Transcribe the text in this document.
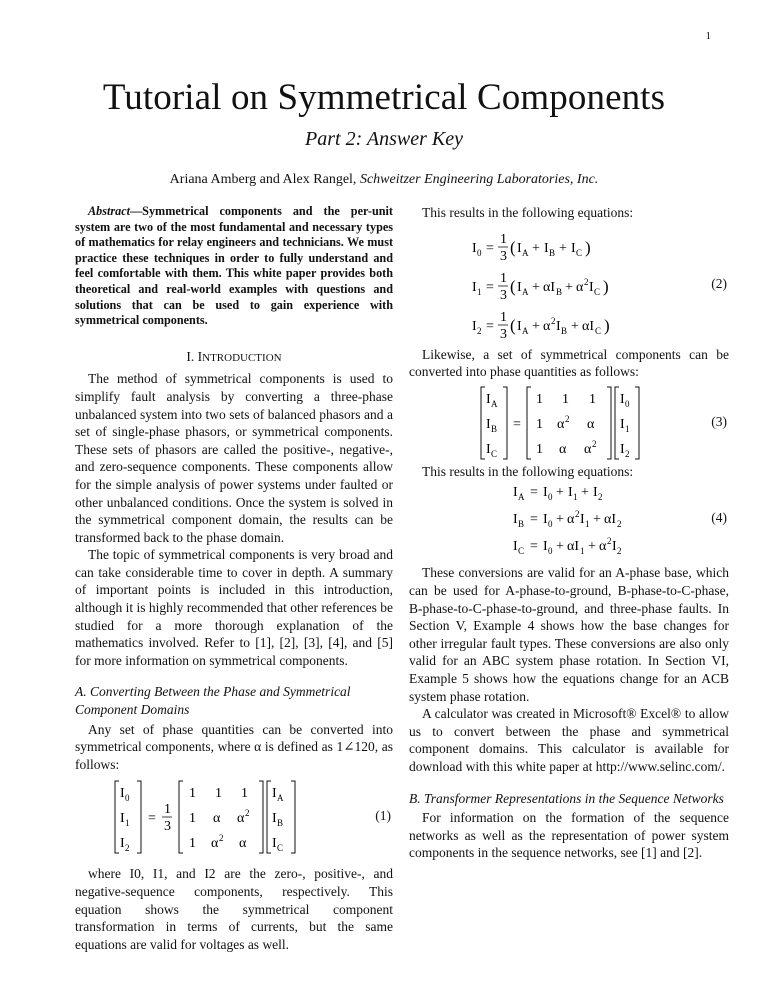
1
Tutorial on Symmetrical Components
Part 2: Answer Key
Ariana Amberg and Alex Rangel, Schweitzer Engineering Laboratories, Inc.

Abstract—Symmetrical components and the per-unit system are two of the most fundamental and necessary types of mathematics for relay engineers and technicians. We must practice these techniques in order to fully understand and feel comfortable with them. This white paper provides both theoretical and real-world examples with questions and solutions that can be used to gain experience with symmetrical components.

I. INTRODUCTION

The method of symmetrical components is used to simplify fault analysis by converting a three-phase unbalanced system into two sets of balanced phasors and a set of single-phase phasors, or symmetrical components. These sets of phasors are called the positive-, negative-, and zero-sequence components. These components allow for the simple analysis of power systems under faulted or other unbalanced conditions. Once the system is solved in the symmetrical component domain, the results can be transformed back to the phase domain.

The topic of symmetrical components is very broad and can take considerable time to cover in depth. A summary of important points is included in this introduction, although it is highly recommended that other references be studied for a more thorough explanation of the mathematics involved. Refer to [1], [2], [3], [4], and [5] for more information on symmetrical components.

A. Converting Between the Phase and Symmetrical Component Domains

Any set of phase quantities can be converted into symmetrical components, where α is defined as 1∠120, as follows:

I 0
I 1
I 2
=
1
3
1 1 1
1 α α 2
1 α 2 α
I A
I B
I C
(1)

where I0, I1, and I2 are the zero-, positive-, and negative-sequence components, respectively. This equation shows the symmetrical component transformation in terms of currents, but the same equations are valid for voltages as well.

This results in the following equations:

I 0 =
1
3 ( I A + I B + I C )
I 1 =
1
3 ( I A + αI B + α 2 I C )
I 2 =
1
3 ( I A + α 2 I B + αI C )
(2)

Likewise, a set of symmetrical components can be converted into phase quantities as follows:

I A
I B
I C
=
1 1 1
1 α 2 α
1 α α 2
I 0
I 1
I 2
(3)

This results in the following equations:

I A = I 0 + I 1 + I 2
I B = I 0 + α 2 I 1 + αI 2
I C = I 0 + αI 1 + α 2 I 2
(4)

These conversions are valid for an A-phase base, which can be used for A-phase-to-ground, B-phase-to-C-phase, B-phase-to-C-phase-to-ground, and three-phase faults. In Section V, Example 4 shows how the base changes for other irregular fault types. These conversions are also only valid for an ABC system phase rotation. In Section VI, Example 5 shows how the equations change for an ACB system phase rotation.

A calculator was created in Microsoft® Excel® to allow us to convert between the phase and symmetrical component domains. This calculator is available for download with this white paper at http://www.selinc.com/.

B. Transformer Representations in the Sequence Networks

For information on the formation of the sequence networks as well as the representation of power system components in the sequence networks, see [1] and [2].
